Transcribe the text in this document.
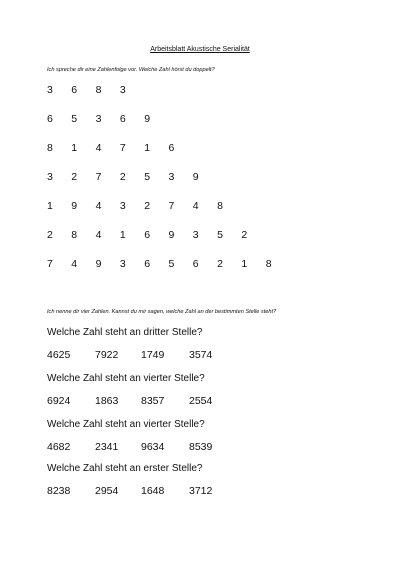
Arbeitsblatt Akustische Serialität
Ich spreche dir eine Zahlenfolge vor. Welche Zahl hörst du doppelt?
3	6	8	3
6	5	3	6	9
8	1	4	7	1	6
3	2	7	2	5	3	9
1	9	4	3	2	7	4	8
2	8	4	1	6	9	3	5	2
7	4	9	3	6	5	6	2	1	8
Ich nenne dir vier Zahlen. Kannst du mir sagen, welche Zahl an der bestimmten Stelle steht?
Welche Zahl steht an dritter Stelle?
4625 7922 1749 3574
Welche Zahl steht an vierter Stelle?
6924 1863 8357 2554
Welche Zahl steht an vierter Stelle?
4682 2341 9634 8539
Welche Zahl steht an erster Stelle?
8238 2954 1648 3712
